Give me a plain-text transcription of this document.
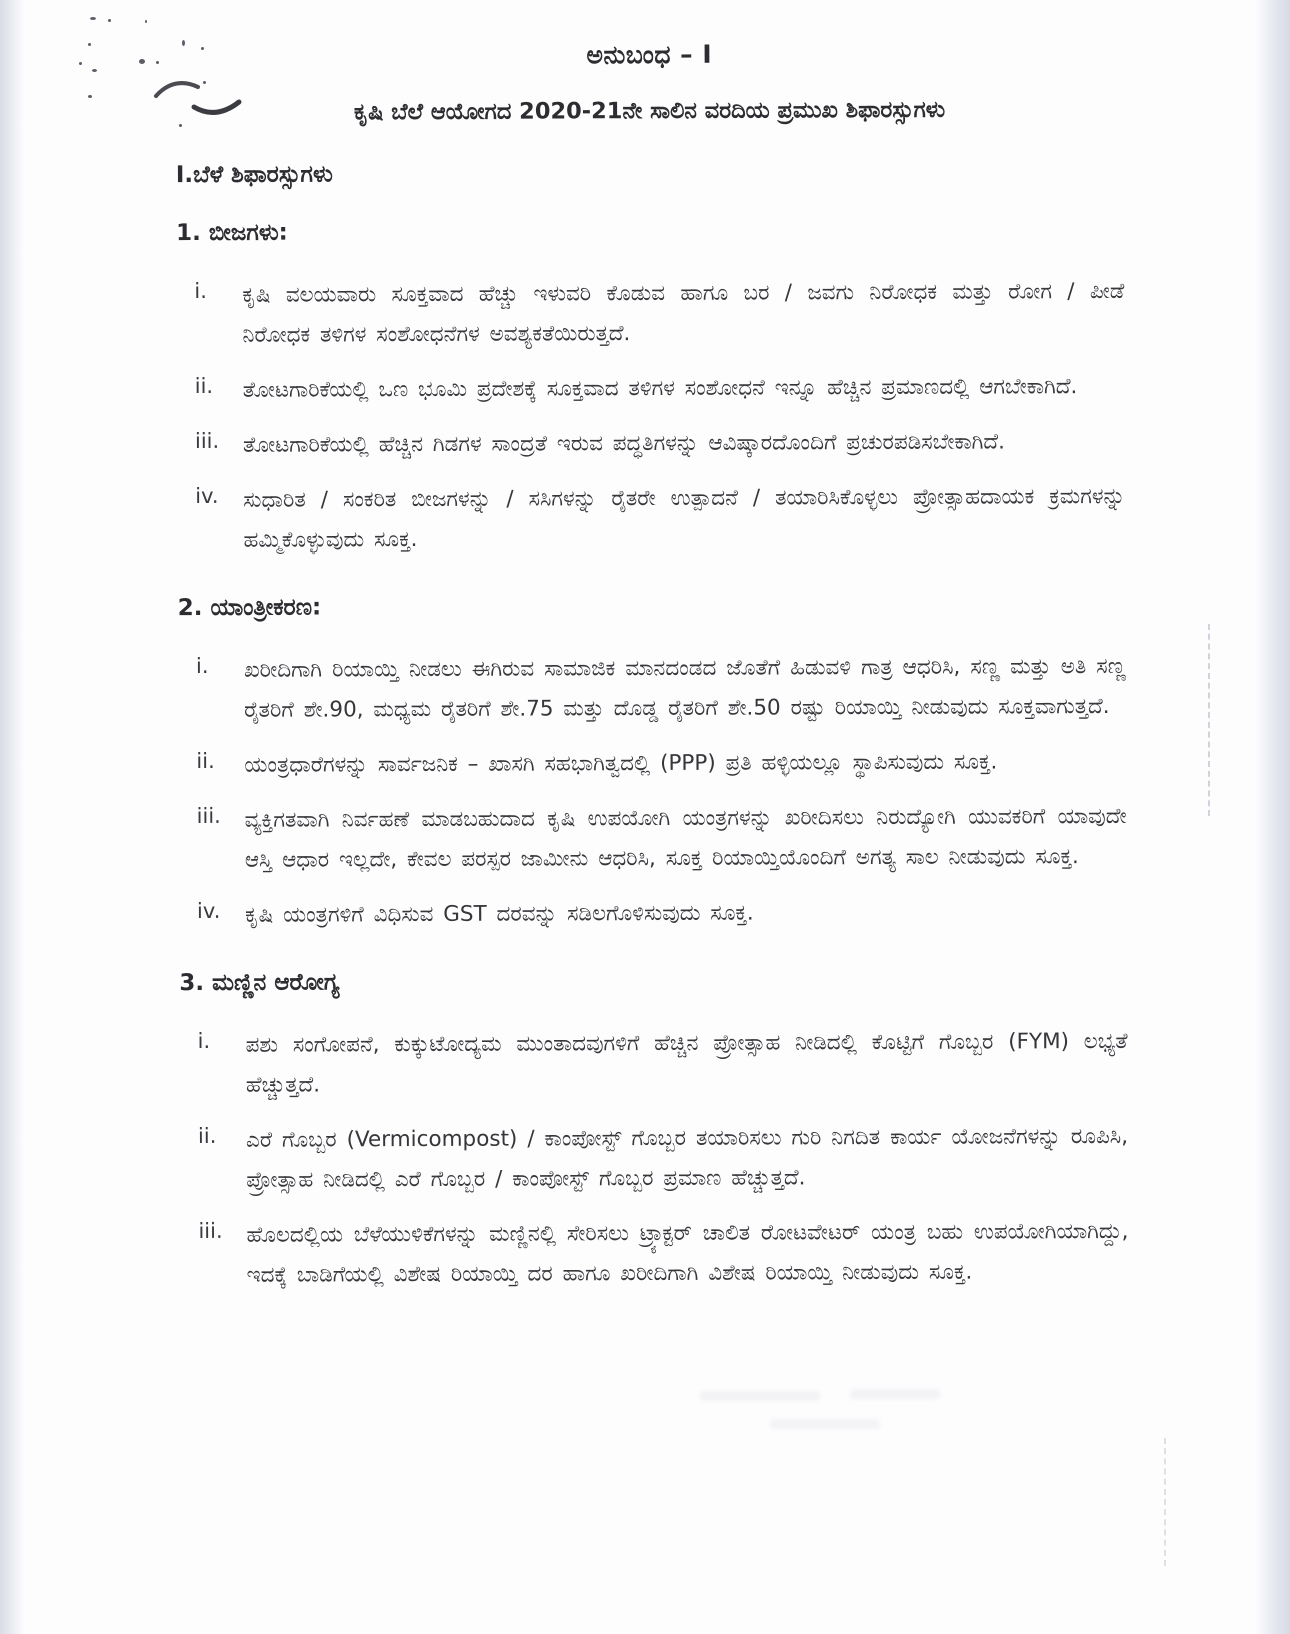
ಅನುಬಂಧ – I
ಕೃಷಿ ಬೆಲೆ ಆಯೋಗದ 2020-21ನೇ ಸಾಲಿನ ವರದಿಯ ಪ್ರಮುಖ ಶಿಫಾರಸ್ಸುಗಳು
I.ಬೆಳೆ ಶಿಫಾರಸ್ಸುಗಳು
1. ಬೀಜಗಳು:
i.	ಕೃಷಿ ವಲಯವಾರು ಸೂಕ್ತವಾದ ಹೆಚ್ಚು ಇಳುವರಿ ಕೊಡುವ ಹಾಗೂ ಬರ / ಜವಗು ನಿರೋಧಕ ಮತ್ತು ರೋಗ / ಪೀಡೆ ನಿರೋಧಕ ತಳಿಗಳ ಸಂಶೋಧನೆಗಳ ಅವಶ್ಯಕತೆಯಿರುತ್ತದೆ.
ii.	ತೋಟಗಾರಿಕೆಯಲ್ಲಿ ಒಣ ಭೂಮಿ ಪ್ರದೇಶಕ್ಕೆ ಸೂಕ್ತವಾದ ತಳಿಗಳ ಸಂಶೋಧನೆ ಇನ್ನೂ ಹೆಚ್ಚಿನ ಪ್ರಮಾಣದಲ್ಲಿ ಆಗಬೇಕಾಗಿದೆ.
iii.	ತೋಟಗಾರಿಕೆಯಲ್ಲಿ ಹೆಚ್ಚಿನ ಗಿಡಗಳ ಸಾಂದ್ರತೆ ಇರುವ ಪದ್ಧತಿಗಳನ್ನು ಆವಿಷ್ಕಾರದೊಂದಿಗೆ ಪ್ರಚುರಪಡಿಸಬೇಕಾಗಿದೆ.
iv.	ಸುಧಾರಿತ / ಸಂಕರಿತ ಬೀಜಗಳನ್ನು / ಸಸಿಗಳನ್ನು ರೈತರೇ ಉತ್ಪಾದನೆ / ತಯಾರಿಸಿಕೊಳ್ಳಲು ಪ್ರೋತ್ಸಾಹದಾಯಕ ಕ್ರಮಗಳನ್ನು ಹಮ್ಮಿಕೊಳ್ಳುವುದು ಸೂಕ್ತ.
2. ಯಾಂತ್ರೀಕರಣ:
i.	ಖರೀದಿಗಾಗಿ ರಿಯಾಯ್ತಿ ನೀಡಲು ಈಗಿರುವ ಸಾಮಾಜಿಕ ಮಾನದಂಡದ ಜೊತೆಗೆ ಹಿಡುವಳಿ ಗಾತ್ರ ಆಧರಿಸಿ, ಸಣ್ಣ ಮತ್ತು ಅತಿ ಸಣ್ಣ ರೈತರಿಗೆ ಶೇ.90, ಮಧ್ಯಮ ರೈತರಿಗೆ ಶೇ.75 ಮತ್ತು ದೊಡ್ಡ ರೈತರಿಗೆ ಶೇ.50 ರಷ್ಟು ರಿಯಾಯ್ತಿ ನೀಡುವುದು ಸೂಕ್ತವಾಗುತ್ತದೆ.
ii.	ಯಂತ್ರಧಾರೆಗಳನ್ನು ಸಾರ್ವಜನಿಕ – ಖಾಸಗಿ ಸಹಭಾಗಿತ್ವದಲ್ಲಿ (PPP) ಪ್ರತಿ ಹಳ್ಳಿಯಲ್ಲೂ ಸ್ಥಾಪಿಸುವುದು ಸೂಕ್ತ.
iii.	ವ್ಯಕ್ತಿಗತವಾಗಿ ನಿರ್ವಹಣೆ ಮಾಡಬಹುದಾದ ಕೃಷಿ ಉಪಯೋಗಿ ಯಂತ್ರಗಳನ್ನು ಖರೀದಿಸಲು ನಿರುದ್ಯೋಗಿ ಯುವಕರಿಗೆ ಯಾವುದೇ ಆಸ್ತಿ ಆಧಾರ ಇಲ್ಲದೇ, ಕೇವಲ ಪರಸ್ಪರ ಜಾಮೀನು ಆಧರಿಸಿ, ಸೂಕ್ತ ರಿಯಾಯ್ತಿಯೊಂದಿಗೆ ಅಗತ್ಯ ಸಾಲ ನೀಡುವುದು ಸೂಕ್ತ.
iv.	ಕೃಷಿ ಯಂತ್ರಗಳಿಗೆ ವಿಧಿಸುವ GST ದರವನ್ನು ಸಡಿಲಗೊಳಿಸುವುದು ಸೂಕ್ತ.
3. ಮಣ್ಣಿನ ಆರೋಗ್ಯ
i.	ಪಶು ಸಂಗೋಪನೆ, ಕುಕ್ಕುಟೋದ್ಯಮ ಮುಂತಾದವುಗಳಿಗೆ ಹೆಚ್ಚಿನ ಪ್ರೋತ್ಸಾಹ ನೀಡಿದಲ್ಲಿ ಕೊಟ್ಟಿಗೆ ಗೊಬ್ಬರ (FYM) ಲಭ್ಯತೆ ಹೆಚ್ಚುತ್ತದೆ.
ii.	ಎರೆ ಗೊಬ್ಬರ (Vermicompost) / ಕಾಂಪೋಸ್ಟ್ ಗೊಬ್ಬರ ತಯಾರಿಸಲು ಗುರಿ ನಿಗದಿತ ಕಾರ್ಯ ಯೋಜನೆಗಳನ್ನು ರೂಪಿಸಿ, ಪ್ರೋತ್ಸಾಹ ನೀಡಿದಲ್ಲಿ ಎರೆ ಗೊಬ್ಬರ / ಕಾಂಪೋಸ್ಟ್ ಗೊಬ್ಬರ ಪ್ರಮಾಣ ಹೆಚ್ಚುತ್ತದೆ.
iii.	ಹೊಲದಲ್ಲಿಯ ಬೆಳೆಯುಳಿಕೆಗಳನ್ನು ಮಣ್ಣಿನಲ್ಲಿ ಸೇರಿಸಲು ಟ್ರ್ಯಾಕ್ಟರ್ ಚಾಲಿತ ರೋಟವೇಟರ್ ಯಂತ್ರ ಬಹು ಉಪಯೋಗಿಯಾಗಿದ್ದು, ಇದಕ್ಕೆ ಬಾಡಿಗೆಯಲ್ಲಿ ವಿಶೇಷ ರಿಯಾಯ್ತಿ ದರ ಹಾಗೂ ಖರೀದಿಗಾಗಿ ವಿಶೇಷ ರಿಯಾಯ್ತಿ ನೀಡುವುದು ಸೂಕ್ತ.
